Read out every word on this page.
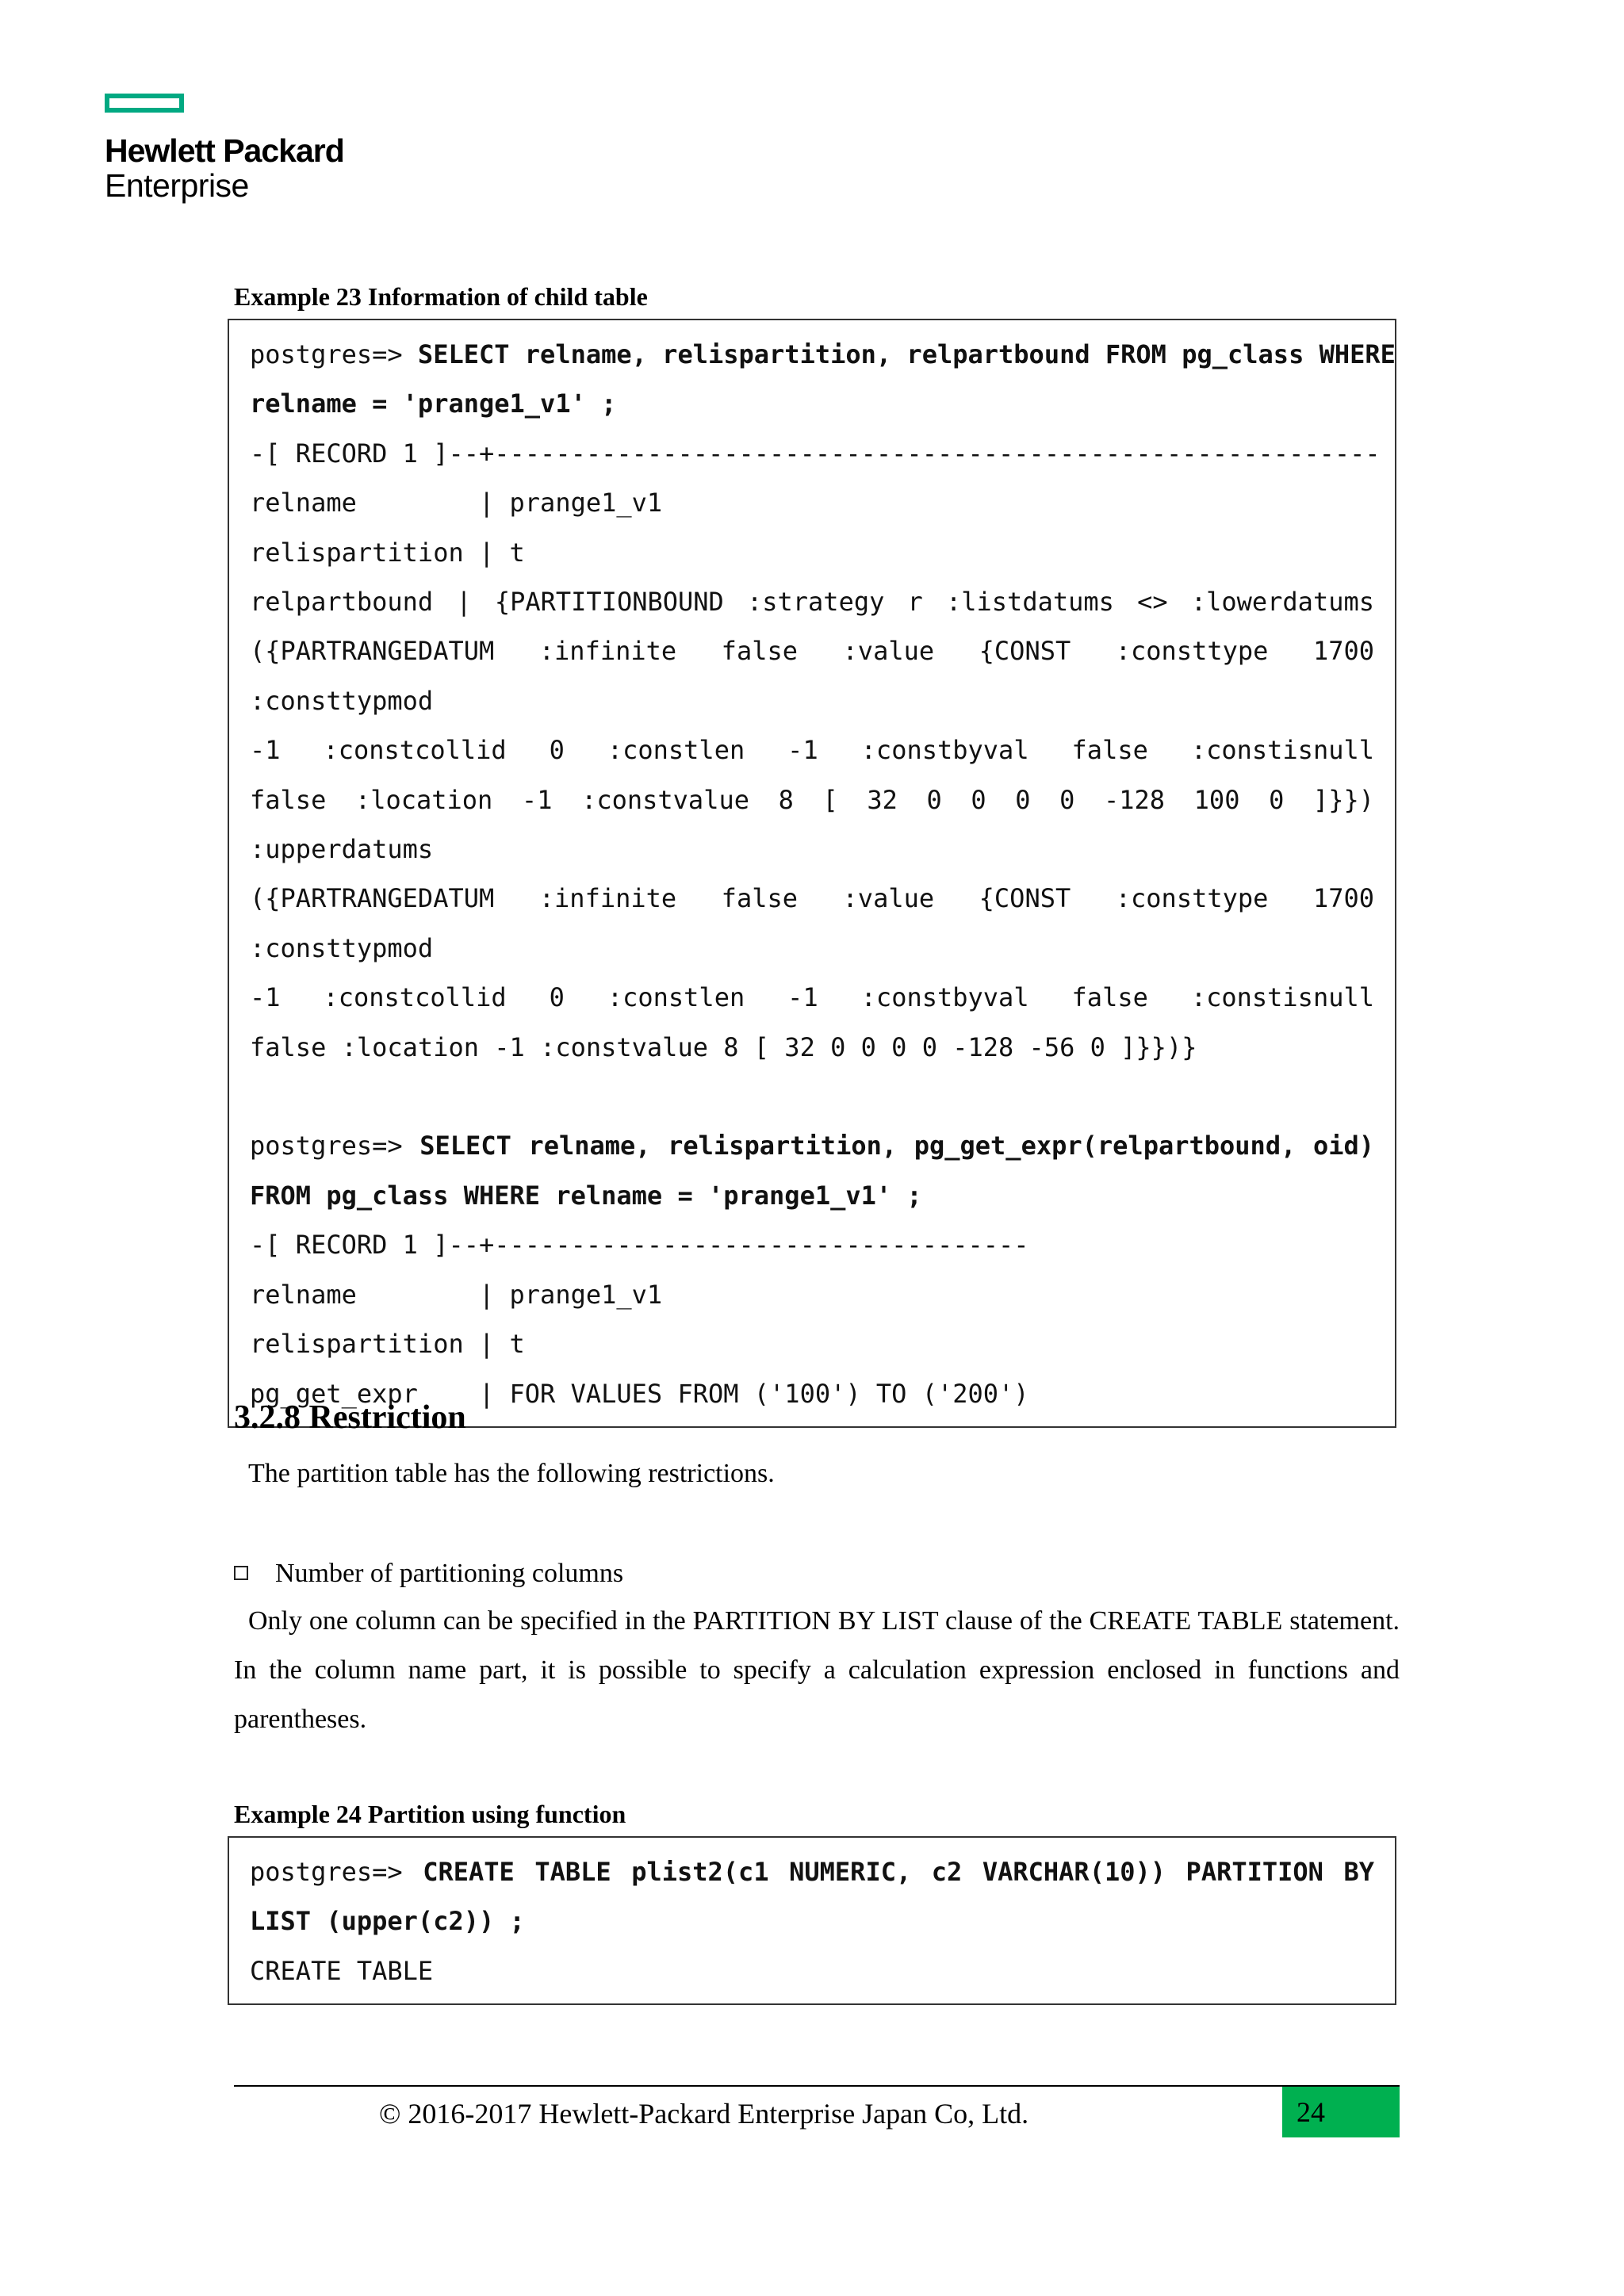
Hewlett Packard
Enterprise
Example 23 Information of child table
postgres=> SELECT relname, relispartition, relpartbound FROM pg_class WHERE
relname = 'prange1_v1' ;
-[ RECORD 1 ]--+----------------------------------------------------------
relname        | prange1_v1
relispartition | t
relpartbound | {PARTITIONBOUND :strategy r :listdatums <> :lowerdatums
({PARTRANGEDATUM :infinite false :value {CONST :consttype 1700 :consttypmod
-1 :constcollid 0 :constlen -1 :constbyval false :constisnull
false :location -1 :constvalue 8 [ 32 0 0 0 0 -128 100 0 ]}}) :upperdatums
({PARTRANGEDATUM :infinite false :value {CONST :consttype 1700 :consttypmod
-1 :constcollid 0 :constlen -1 :constbyval false :constisnull
false :location -1 :constvalue 8 [ 32 0 0 0 0 -128 -56 0 ]}})}
postgres=> SELECT relname, relispartition, pg_get_expr(relpartbound, oid)
FROM pg_class WHERE relname = 'prange1_v1' ;
-[ RECORD 1 ]--+-----------------------------------
relname        | prange1_v1
relispartition | t
pg_get_expr    | FOR VALUES FROM ('100') TO ('200')
3.2.8 Restriction
The partition table has the following restrictions.
Number of partitioning columns
Only one column can be specified in the PARTITION BY LIST clause of the CREATE TABLE statement. In the column name part, it is possible to specify a calculation expression enclosed in functions and parentheses.
Example 24 Partition using function
postgres=> CREATE TABLE plist2(c1 NUMERIC, c2 VARCHAR(10)) PARTITION BY
LIST (upper(c2)) ;
CREATE TABLE
© 2016-2017 Hewlett-Packard Enterprise Japan Co, Ltd.	24
